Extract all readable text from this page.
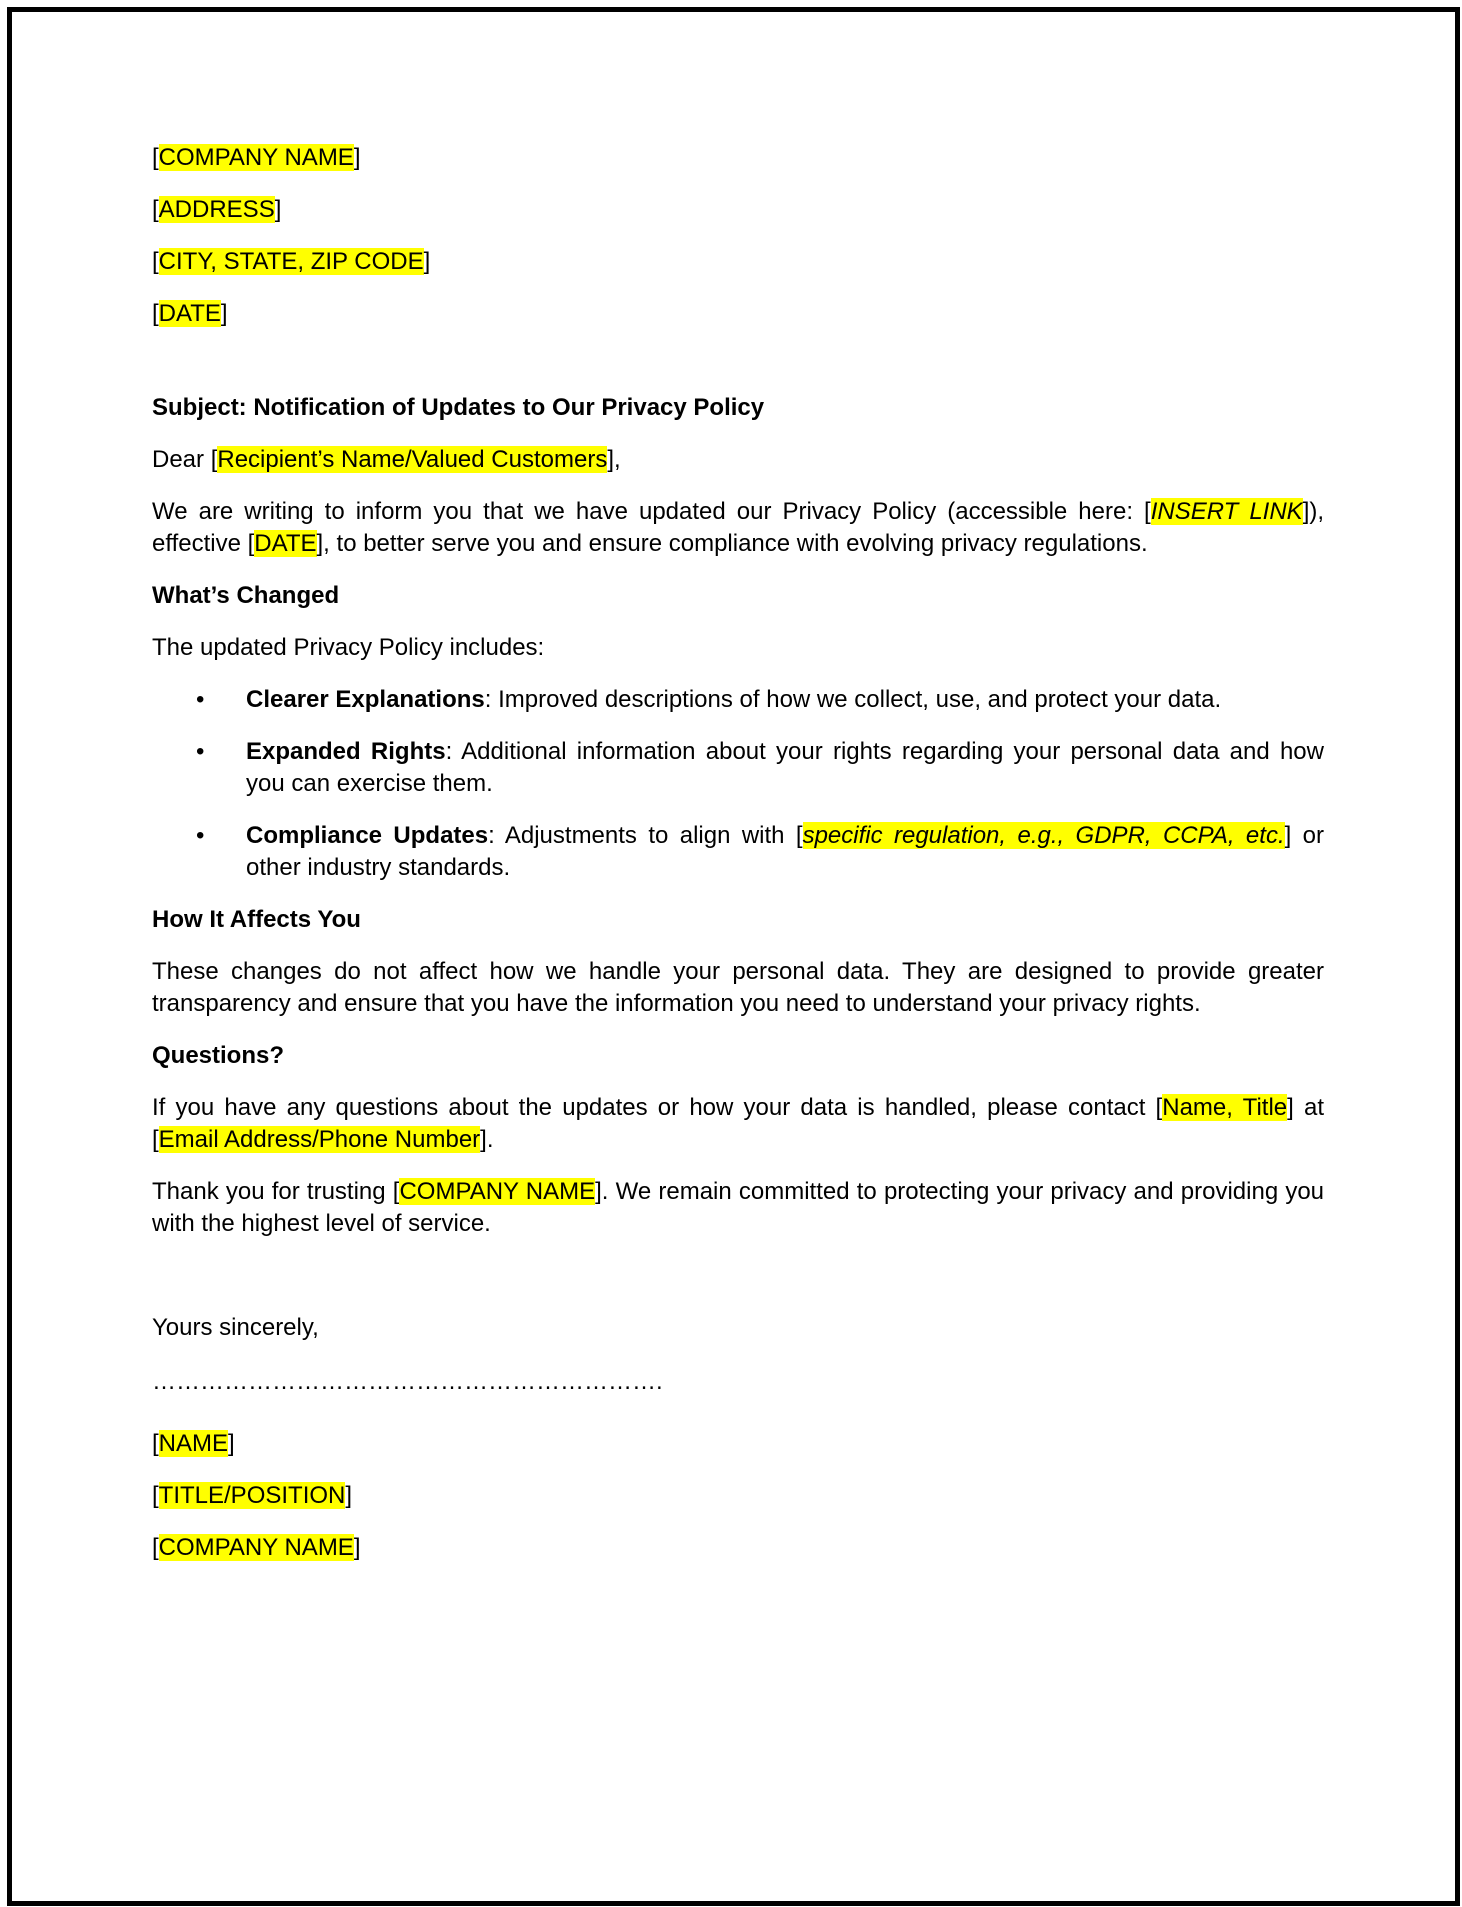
[COMPANY NAME]

[ADDRESS]

[CITY, STATE, ZIP CODE]

[DATE]

Subject: Notification of Updates to Our Privacy Policy

Dear [Recipient’s Name/Valued Customers],

We are writing to inform you that we have updated our Privacy Policy (accessible here: [INSERT LINK]), effective [DATE], to better serve you and ensure compliance with evolving privacy regulations.

What’s Changed

The updated Privacy Policy includes:

• Clearer Explanations: Improved descriptions of how we collect, use, and protect your data.
• Expanded Rights: Additional information about your rights regarding your personal data and how you can exercise them.
• Compliance Updates: Adjustments to align with [specific regulation, e.g., GDPR, CCPA, etc.] or other industry standards.

How It Affects You

These changes do not affect how we handle your personal data. They are designed to provide greater transparency and ensure that you have the information you need to understand your privacy rights.

Questions?

If you have any questions about the updates or how your data is handled, please contact [Name, Title] at [Email Address/Phone Number].

Thank you for trusting [COMPANY NAME]. We remain committed to protecting your privacy and providing you with the highest level of service.

Yours sincerely,

……………………………………………………….

[NAME]

[TITLE/POSITION]

[COMPANY NAME]
